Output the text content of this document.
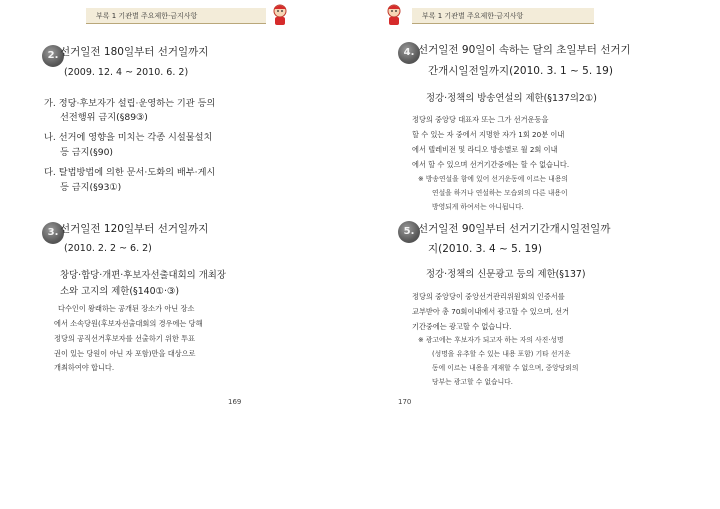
부록 1 기관별 주요제한·금지사항
2. 선거일전 180일부터 선거일까지
(2009. 12. 4 ~ 2010. 6. 2)
가. 정당·후보자가 설립·운영하는 기관 등의
선전행위 금지(§89③)
나. 선거에 영향을 미치는 각종 시설물설치
등 금지(§90)
다. 탈법방법에 의한 문서·도화의 배부·게시
등 금지(§93①)
3. 선거일전 120일부터 선거일까지
(2010. 2. 2 ~ 6. 2)
창당·합당·개편·후보자선출대회의 개최장
소와 고지의 제한(§140①·③)
다수인이 왕래하는 공개된 장소가 아닌 장소
에서 소속당원(후보자선출대회의 경우에는 당해
정당의 공직선거후보자를 선출하기 위한 투표
권이 있는 당원이 아닌 자 포함)만을 대상으로
개최하여야 합니다.
169
부록 1 기관별 주요제한·금지사항
4. 선거일전 90일이 속하는 달의 초일부터 선거기
간개시일전일까지(2010. 3. 1 ~ 5. 19)
정강·정책의 방송연설의 제한(§137의2①)
정당의 중앙당 대표자 또는 그가 선거운동을
할 수 있는 자 중에서 지명한 자가 1회 20분 이내
에서 텔레비전 및 라디오 방송별로 월 2회 이내
에서 할 수 있으며 선거기간중에는 할 수 없습니다.
※ 방송연설을 함에 있어 선거운동에 이르는 내용의
연설을 하거나 연설하는 모습외의 다른 내용이
방영되게 하여서는 아니됩니다.
5. 선거일전 90일부터 선거기간개시일전일까
지(2010. 3. 4 ~ 5. 19)
정강·정책의 신문광고 등의 제한(§137)
정당의 중앙당이 중앙선거관리위원회의 인증서를
교부받아 총 70회이내에서 광고할 수 있으며, 선거
기간중에는 광고할 수 없습니다.
※ 광고에는 후보자가 되고자 하는 자의 사진·성명
(성명을 유추할 수 있는 내용 포함) 기타 선거운
동에 이르는 내용을 게재할 수 없으며, 중앙당외의
당부는 광고할 수 없습니다.
170
